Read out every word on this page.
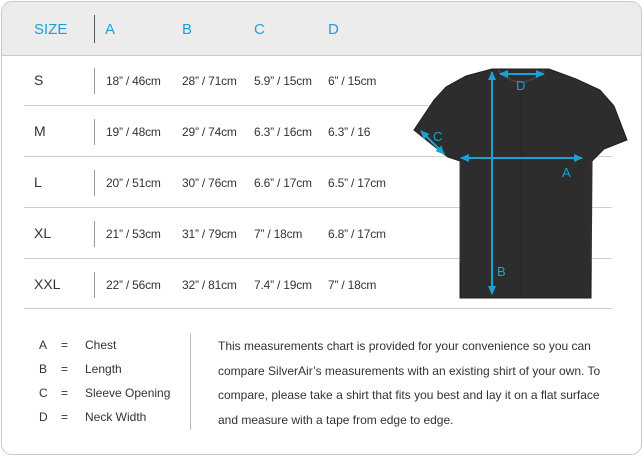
SIZE	A	B	C	D
S	18” / 46cm 28” / 71cm 5.9” / 15cm 6” / 15cm
M	19” / 48cm 29” / 74cm 6.3” / 16cm 6.3” / 16
L	20” / 51cm 30” / 76cm 6.6” / 17cm 6.5” / 17cm
XL	21” / 53cm 31” / 79cm 7” / 18cm 6.8” / 17cm
XXL	22” / 56cm 32” / 81cm 7.4” / 19cm 7” / 18cm
A
B
C
D
A = Chest
B = Length
C = Sleeve Opening
D = Neck Width
This measurements chart is provided for your convenience so you can compare SilverAir’s measurements with an existing shirt of your own. To compare, please take a shirt that fits you best and lay it on a flat surface and measure with a tape from edge to edge.
